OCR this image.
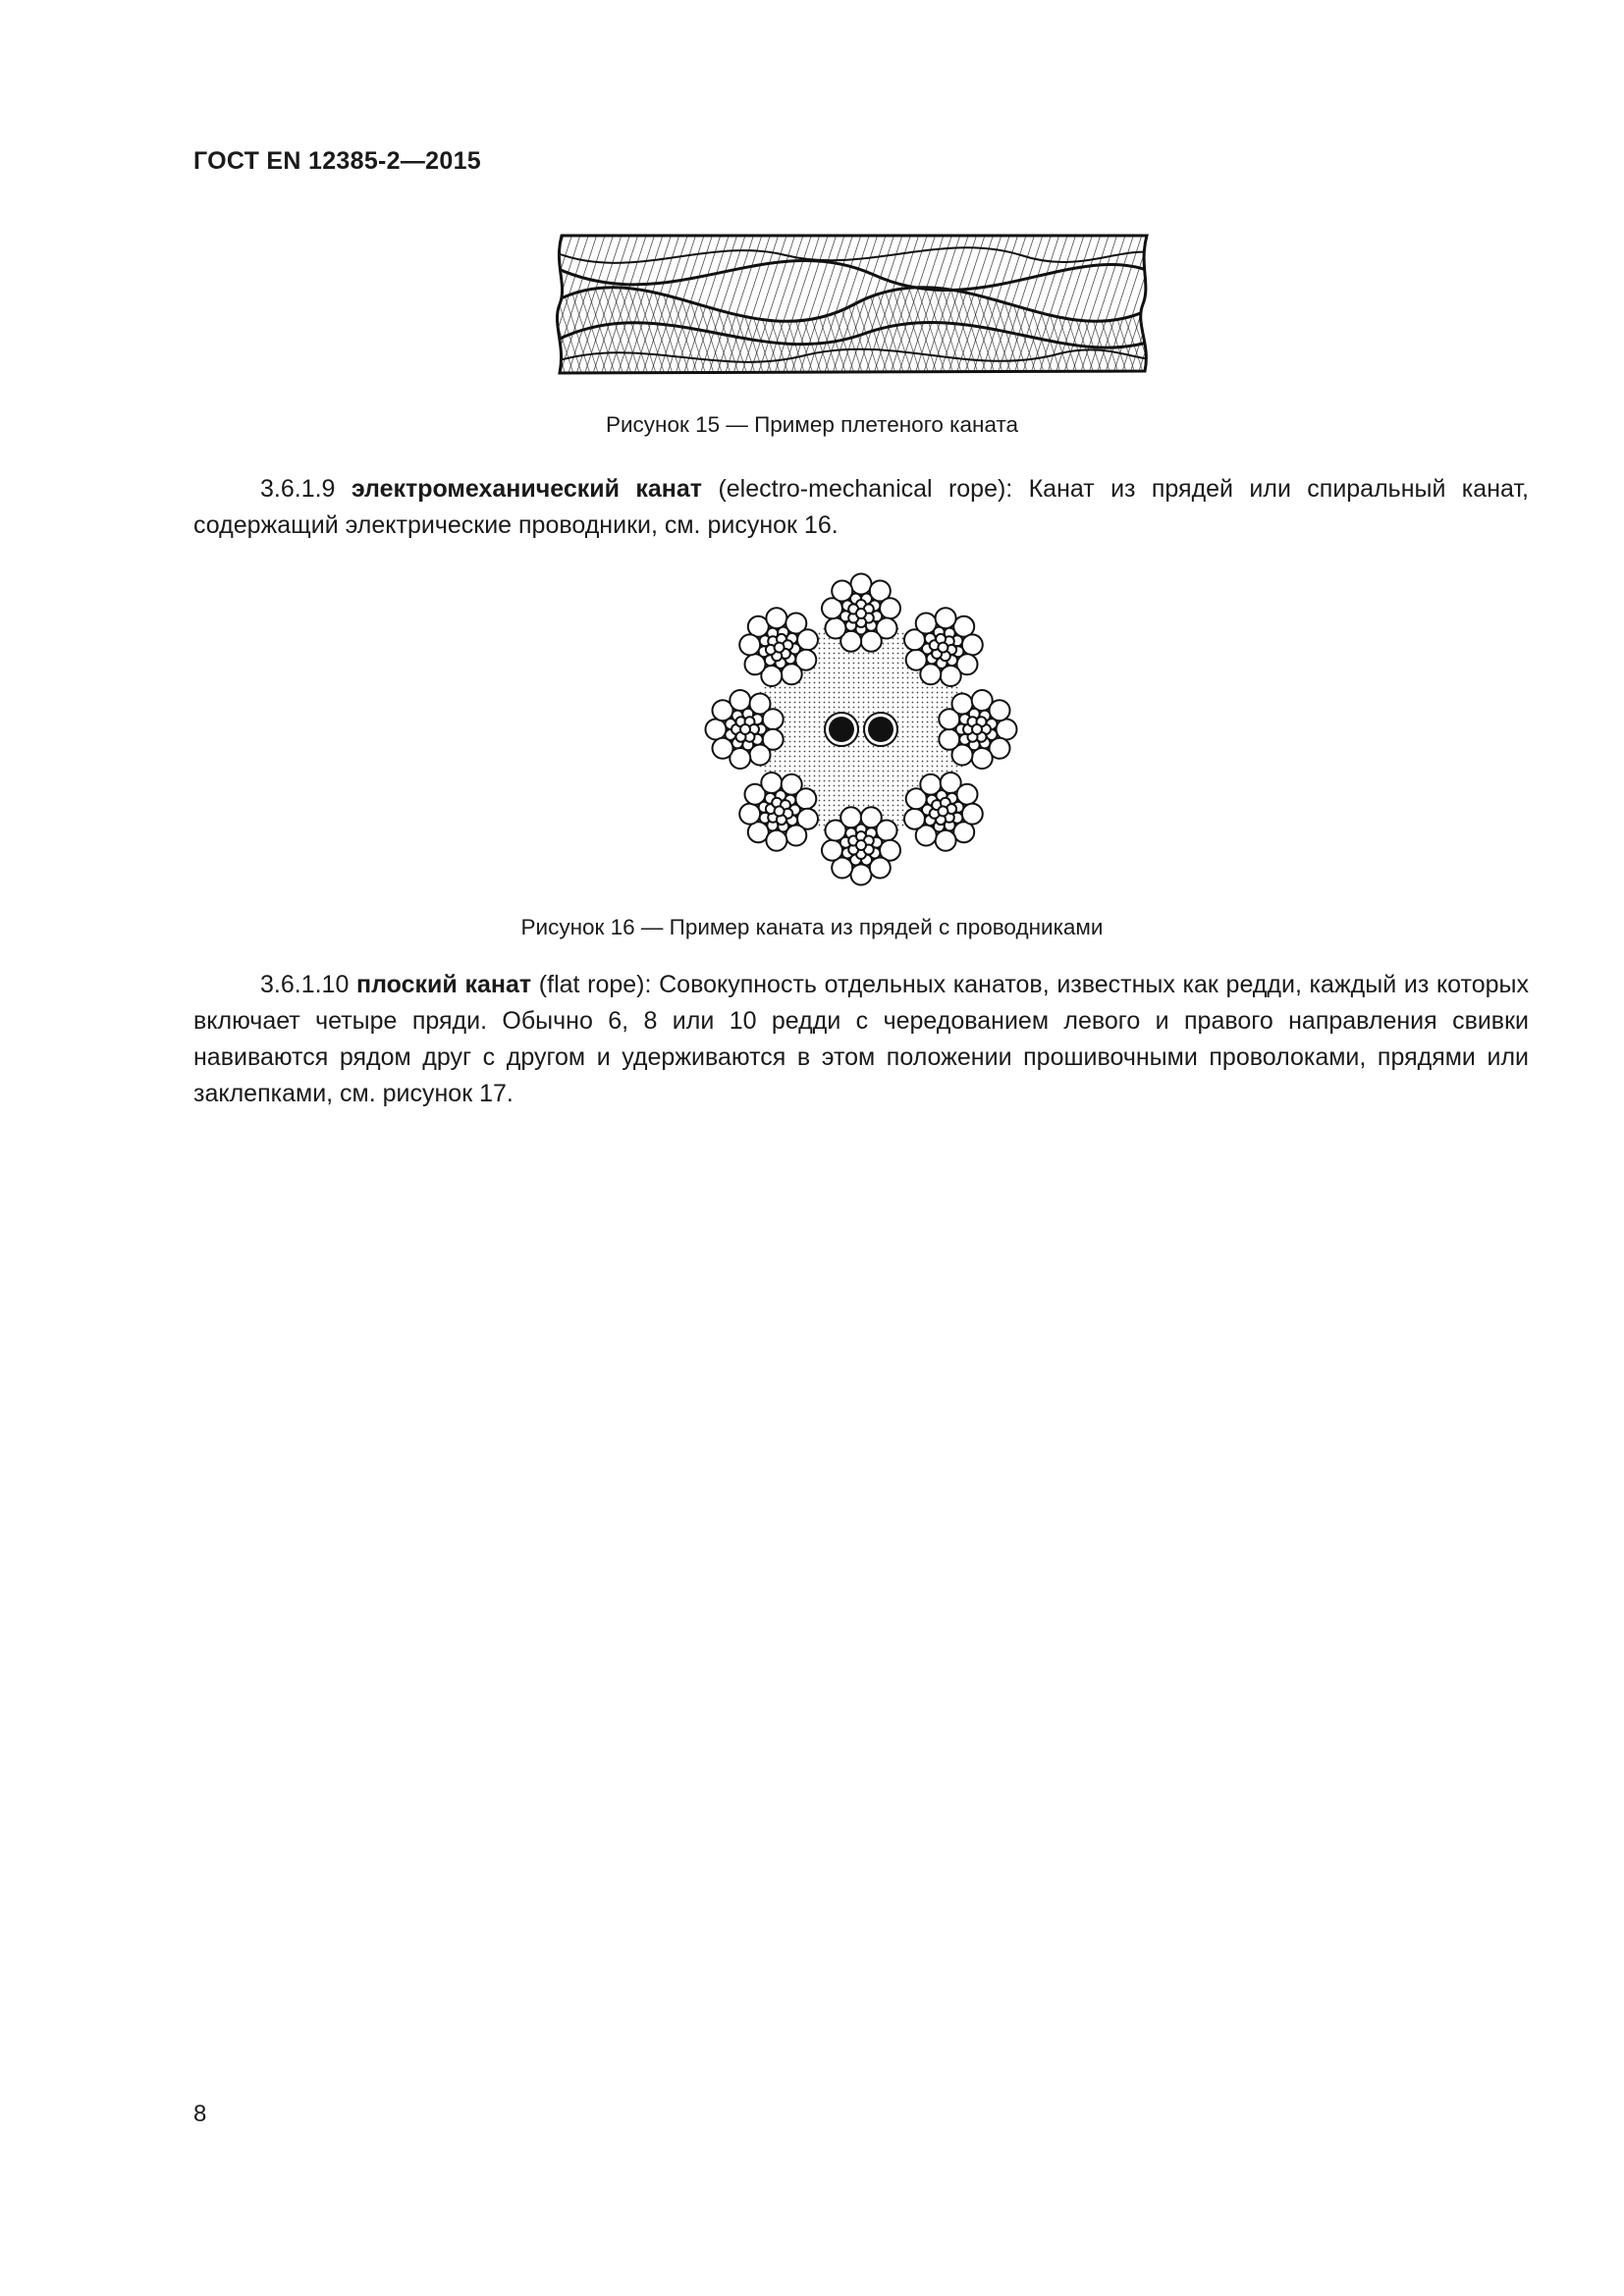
ГОСТ EN 12385-2—2015
Рисунок 15 — Пример плетеного каната
3.6.1.9 электромеханический канат (electro-mechanical rope): Канат из прядей или спиральный канат, содержащий электрические проводники, см. рисунок 16.
Рисунок 16 — Пример каната из прядей с проводниками
3.6.1.10 плоский канат (flat rope): Совокупность отдельных канатов, известных как редди, каждый из которых включает четыре пряди. Обычно 6, 8 или 10 редди с чередованием левого и правого направления свивки навиваются рядом друг с другом и удерживаются в этом положении прошивочными проволоками, прядями или заклепками, см. рисунок 17.
8
